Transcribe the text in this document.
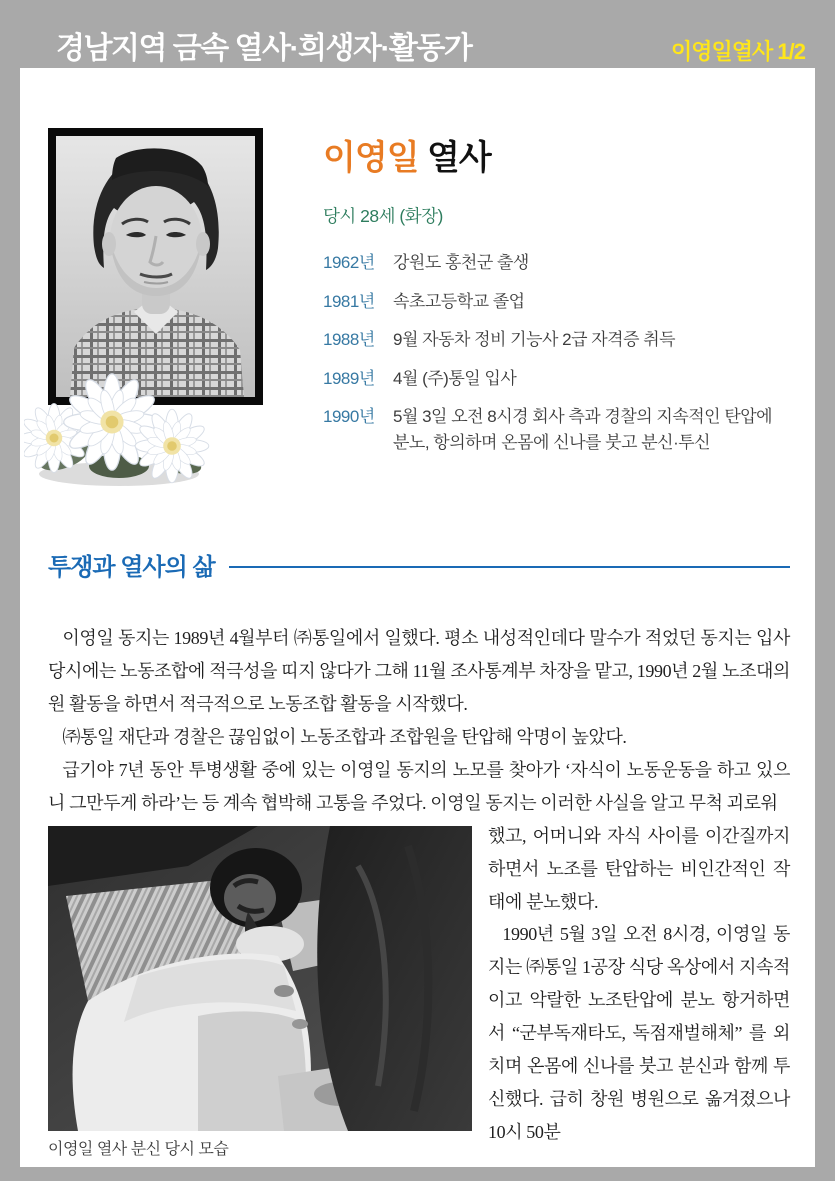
경남지역 금속 열사·희생자·활동가	이영일열사 1/2
이영일 열사
당시 28세 (화장)
1962년 강원도 홍천군 출생
1981년 속초고등학교 졸업
1988년 9월 자동차 정비 기능사 2급 자격증 취득
1989년 4월 (주)통일 입사
1990년 5월 3일 오전 8시경 회사 측과 경찰의 지속적인 탄압에 분노, 항의하며 온몸에 신나를 붓고 분신·투신
투쟁과 열사의 삶

이영일 동지는 1989년 4월부터 ㈜통일에서 일했다. 평소 내성적인데다 말수가 적었던 동지는 입사 당시에는 노동조합에 적극성을 띠지 않다가 그해 11월 조사통계부 차장을 맡고, 1990년 2월 노조대의원 활동을 하면서 적극적으로 노동조합 활동을 시작했다.

㈜통일 재단과 경찰은 끊임없이 노동조합과 조합원을 탄압해 악명이 높았다.

급기야 7년 동안 투병생활 중에 있는 이영일 동지의 노모를 찾아가 ‘자식이 노동운동을 하고 있으니 그만두게 하라’는 등 계속 협박해 고통을 주었다. 이영일 동지는 이러한 사실을 알고 무척 괴로워

이영일 열사 분신 당시 모습

했고, 어머니와 자식 사이를 이간질까지 하면서 노조를 탄압하는 비인간적인 작태에 분노했다.

1990년 5월 3일 오전 8시경, 이영일 동지는 ㈜통일 1공장 식당 옥상에서 지속적이고 악랄한 노조탄압에 분노 항거하면서 “군부독재타도, 독점재벌해체” 를 외치며 온몸에 신나를 붓고 분신과 함께 투신했다. 급히 창원 병원으로 옮겨졌으나 10시 50분
